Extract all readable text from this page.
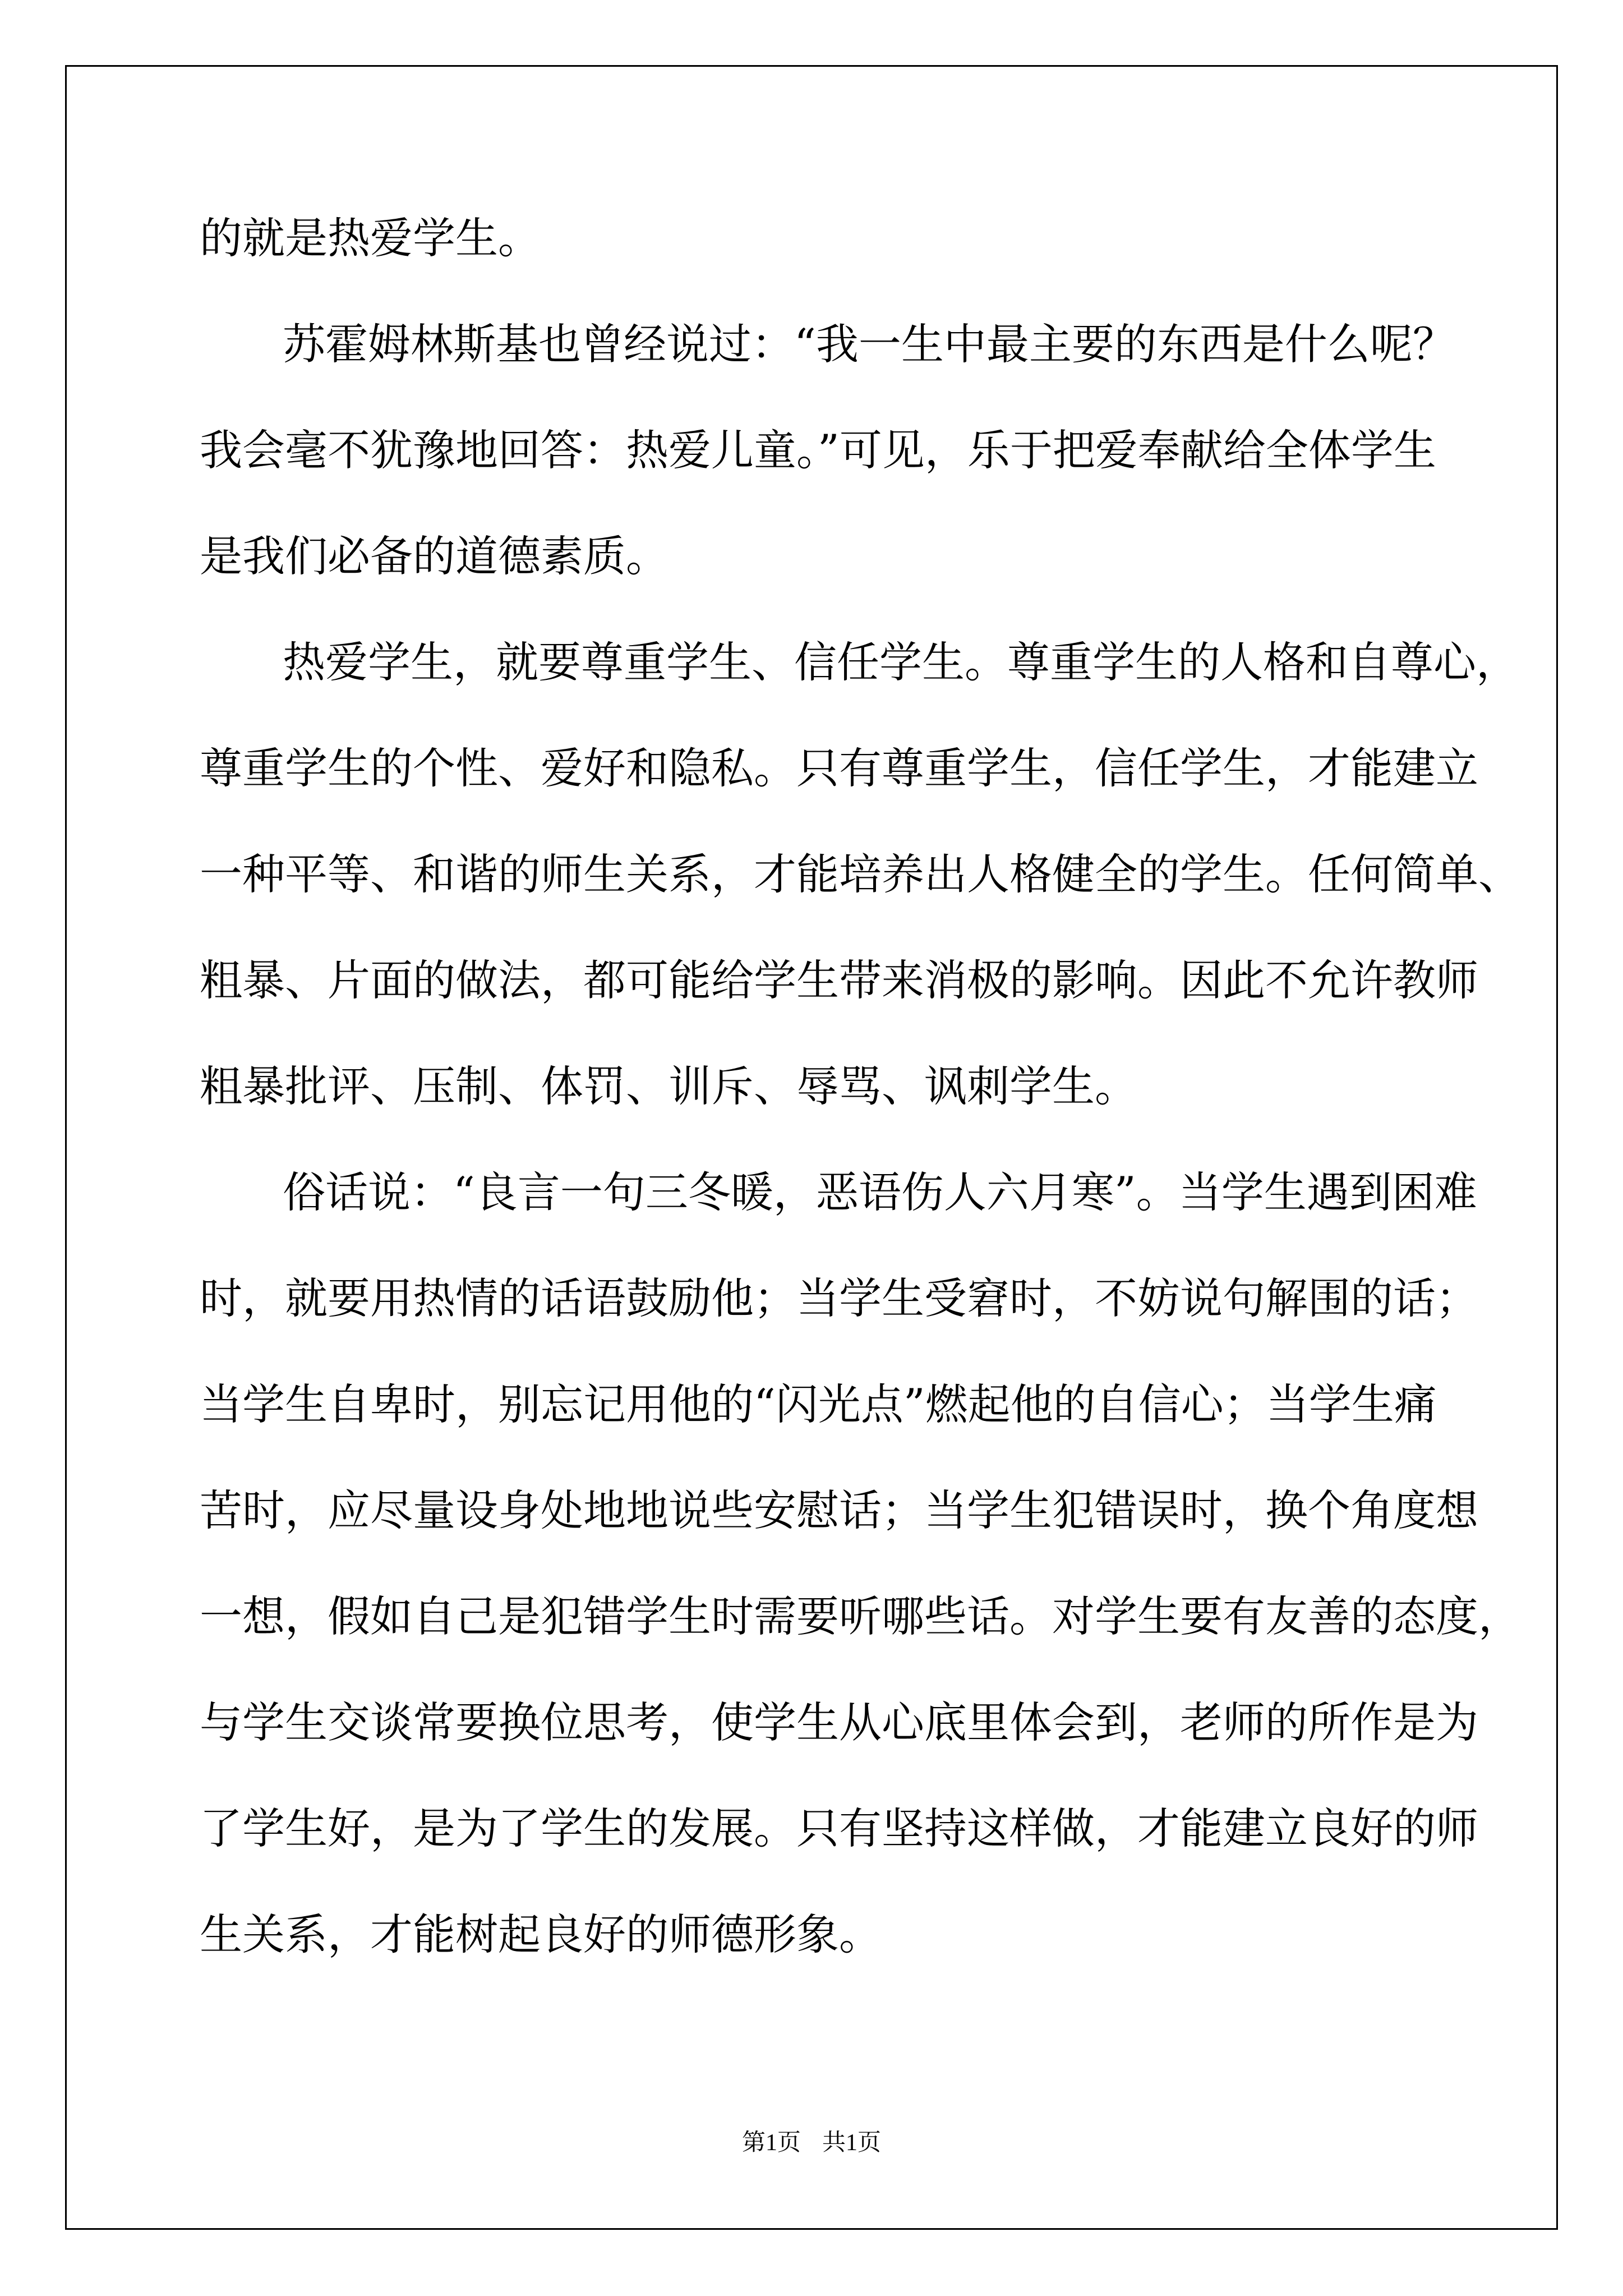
的就是热爱学生。
苏霍姆林斯基也曾经说过：“我一生中最主要的东西是什么呢？
我会毫不犹豫地回答：热爱儿童。”可见，乐于把爱奉献给全体学生
是我们必备的道德素质。
热爱学生，就要尊重学生、信任学生。尊重学生的人格和自尊心，
尊重学生的个性、爱好和隐私。只有尊重学生，信任学生，才能建立
一种平等、和谐的师生关系，才能培养出人格健全的学生。任何简单、
粗暴、片面的做法，都可能给学生带来消极的影响。因此不允许教师
粗暴批评、压制、体罚、训斥、辱骂、讽刺学生。
俗话说：“良言一句三冬暖，恶语伤人六月寒”。当学生遇到困难
时，就要用热情的话语鼓励他；当学生受窘时，不妨说句解围的话；
当学生自卑时，别忘记用他的“闪光点”燃起他的自信心；当学生痛
苦时，应尽量设身处地地说些安慰话；当学生犯错误时，换个角度想
一想，假如自己是犯错学生时需要听哪些话。对学生要有友善的态度，
与学生交谈常要换位思考，使学生从心底里体会到，老师的所作是为
了学生好，是为了学生的发展。只有坚持这样做，才能建立良好的师
生关系，才能树起良好的师德形象。
第1页 共1页
